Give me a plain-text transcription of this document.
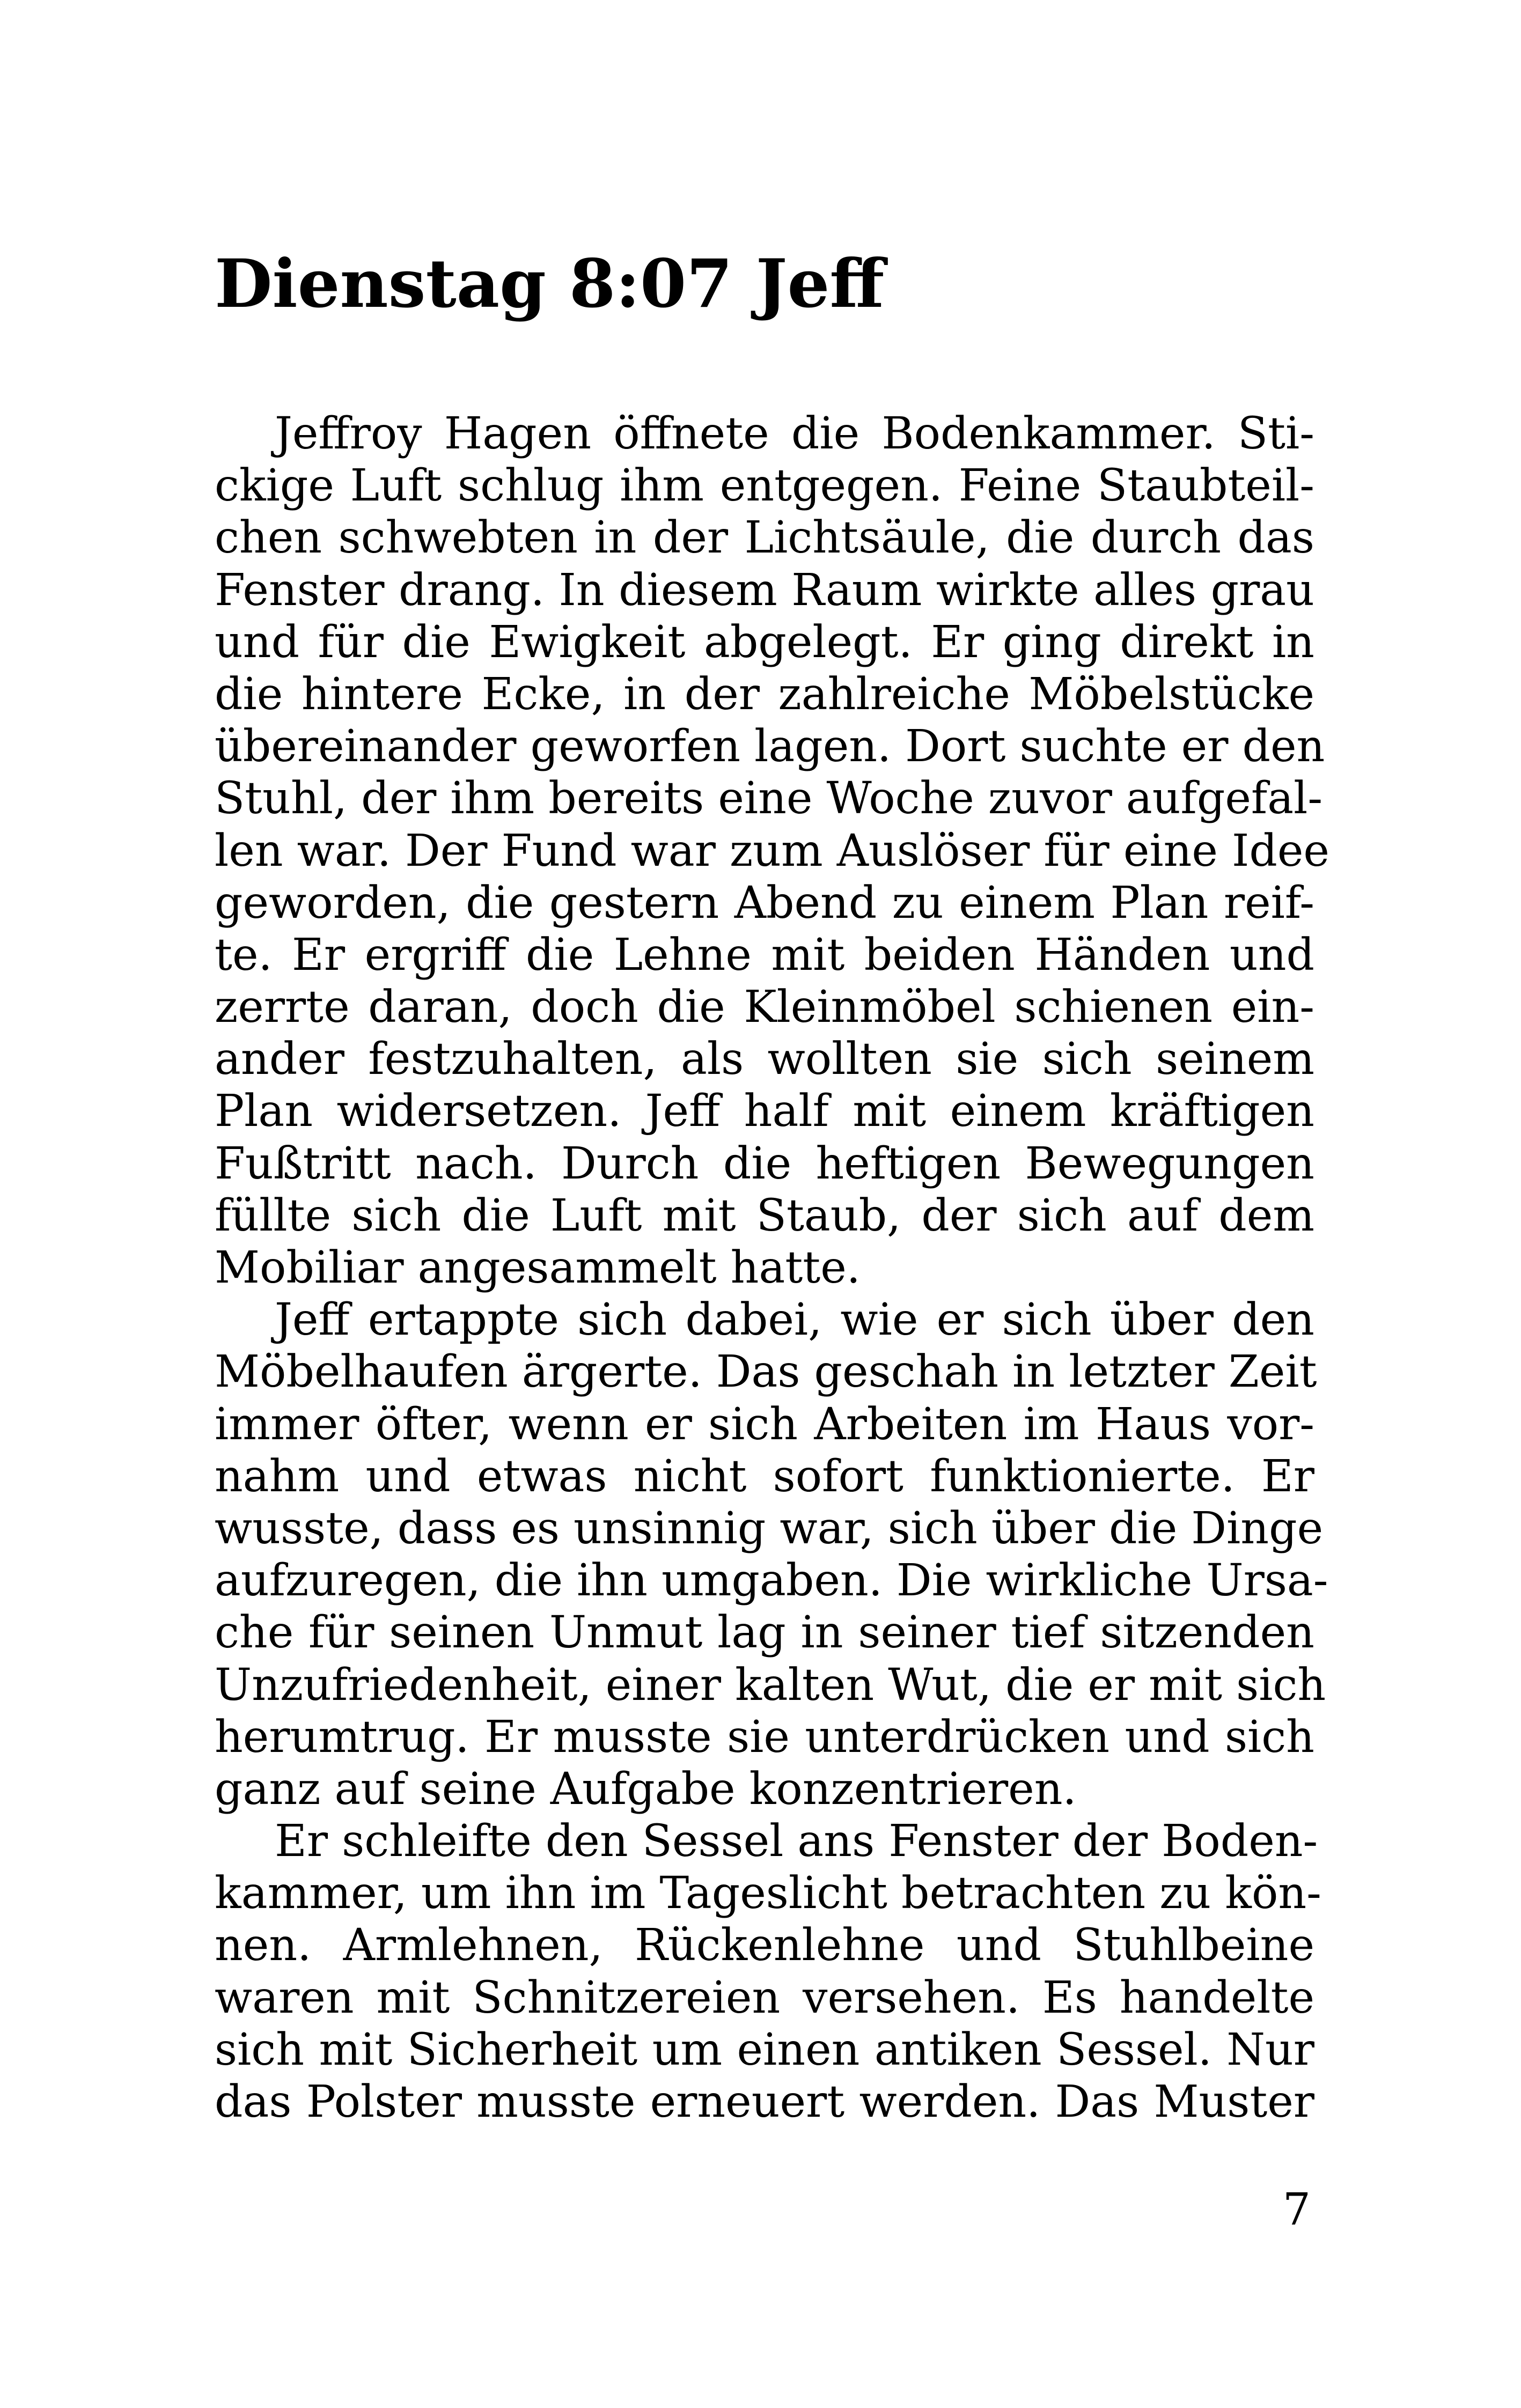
Dienstag 8:07 Jeff
Jeffroy Hagen öffnete die Bodenkammer. Sti-
ckige Luft schlug ihm entgegen. Feine Staubteil-
chen schwebten in der Lichtsäule, die durch das
Fenster drang. In diesem Raum wirkte alles grau
und für die Ewigkeit abgelegt. Er ging direkt in
die hintere Ecke, in der zahlreiche Möbelstücke
übereinander geworfen lagen. Dort suchte er den
Stuhl, der ihm bereits eine Woche zuvor aufgefal-
len war. Der Fund war zum Auslöser für eine Idee
geworden, die gestern Abend zu einem Plan reif-
te. Er ergriff die Lehne mit beiden Händen und
zerrte daran, doch die Kleinmöbel schienen ein-
ander festzuhalten, als wollten sie sich seinem
Plan widersetzen. Jeff half mit einem kräftigen
Fußtritt nach. Durch die heftigen Bewegungen
füllte sich die Luft mit Staub, der sich auf dem
Mobiliar angesammelt hatte.
Jeff ertappte sich dabei, wie er sich über den
Möbelhaufen ärgerte. Das geschah in letzter Zeit
immer öfter, wenn er sich Arbeiten im Haus vor-
nahm und etwas nicht sofort funktionierte. Er
wusste, dass es unsinnig war, sich über die Dinge
aufzuregen, die ihn umgaben. Die wirkliche Ursa-
che für seinen Unmut lag in seiner tief sitzenden
Unzufriedenheit, einer kalten Wut, die er mit sich
herumtrug. Er musste sie unterdrücken und sich
ganz auf seine Aufgabe konzentrieren.
Er schleifte den Sessel ans Fenster der Boden-
kammer, um ihn im Tageslicht betrachten zu kön-
nen. Armlehnen, Rückenlehne und Stuhlbeine
waren mit Schnitzereien versehen. Es handelte
sich mit Sicherheit um einen antiken Sessel. Nur
das Polster musste erneuert werden. Das Muster
7
